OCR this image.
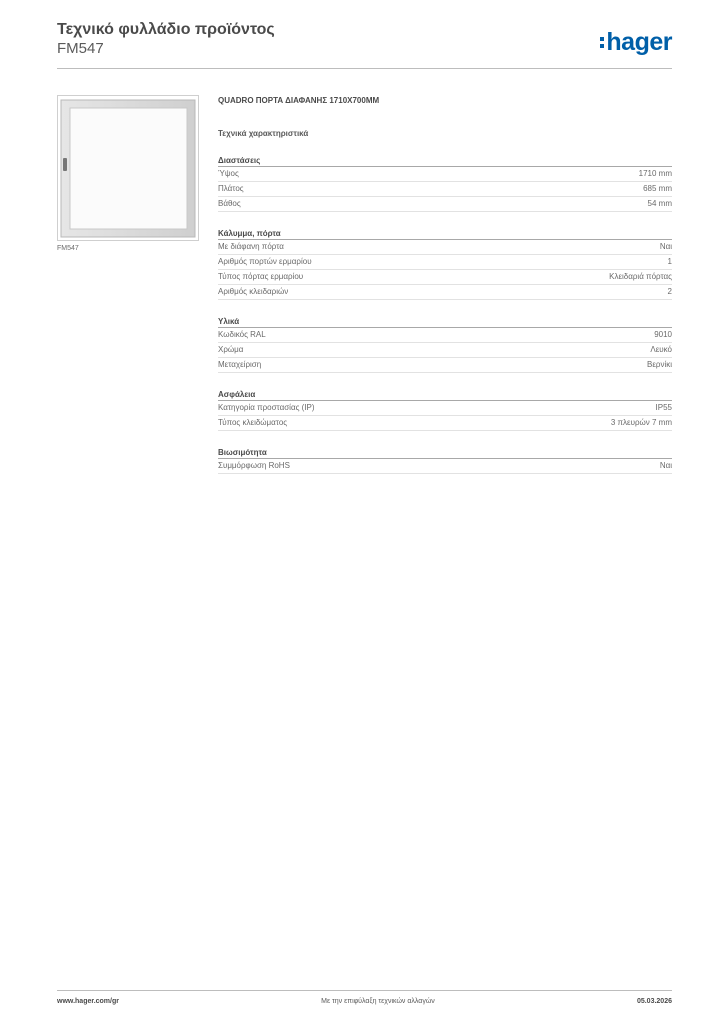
Τεχνικό φυλλάδιο προϊόντος
FM547	hager
FM547
QUADRO ΠΟΡΤΑ ΔΙΑΦΑΝΗΣ 1710X700MM
Τεχνικά χαρακτηριστικά
Διαστάσεις
Ύψος	1710 mm
Πλάτος	685 mm
Βάθος	54 mm
Κάλυμμα, πόρτα
Με διάφανη πόρτα	Ναι
Αριθμός πορτών ερμαρίου	1
Τύπος πόρτας ερμαρίου	Κλειδαριά πόρτας
Αριθμός κλειδαριών	2
Υλικά
Κωδικός RAL	9010
Χρώμα	Λευκό
Μεταχείριση	Βερνίκι
Ασφάλεια
Κατηγορία προστασίας (IP)	IP55
Τύπος κλειδώματος	3 πλευρών 7 mm
Βιωσιμότητα
Συμμόρφωση RoHS	Ναι
www.hager.com/gr	Με την επιφύλαξη τεχνικών αλλαγών	05.03.2026
